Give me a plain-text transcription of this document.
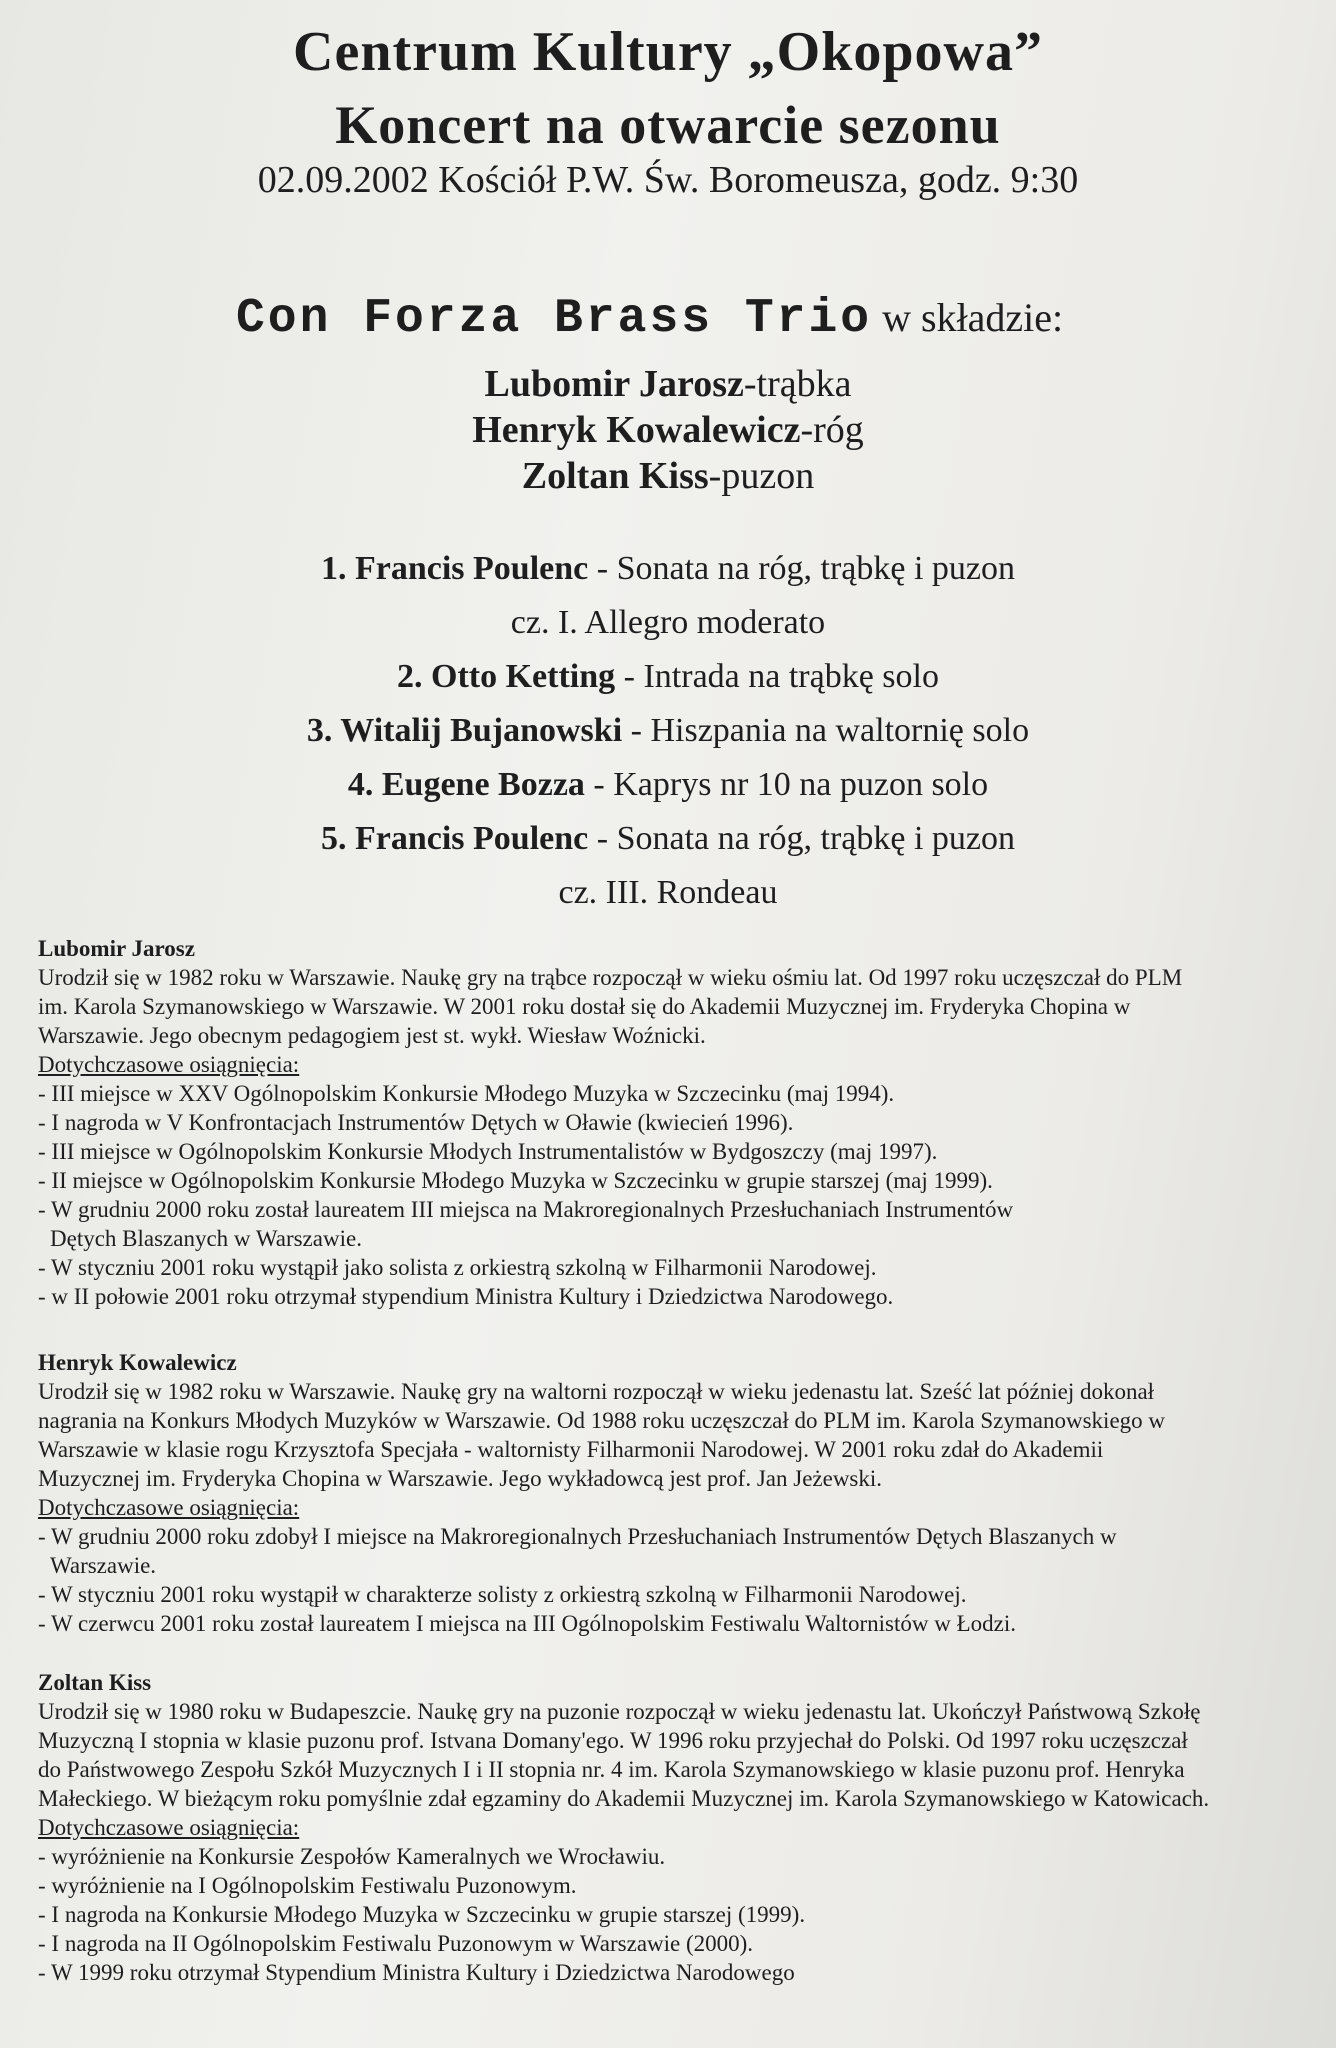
Centrum Kultury „Okopowa”
Koncert na otwarcie sezonu
02.09.2002 Kościół P.W. Św. Boromeusza, godz. 9:30
Con Forza Brass Trio w składzie:
Lubomir Jarosz-trąbka
Henryk Kowalewicz-róg
Zoltan Kiss-puzon
1. Francis Poulenc - Sonata na róg, trąbkę i puzon
cz. I. Allegro moderato
2. Otto Ketting - Intrada na trąbkę solo
3. Witalij Bujanowski - Hiszpania na waltornię solo
4. Eugene Bozza - Kaprys nr 10 na puzon solo
5. Francis Poulenc - Sonata na róg, trąbkę i puzon
cz. III. Rondeau
Lubomir Jarosz
Urodził się w 1982 roku w Warszawie. Naukę gry na trąbce rozpoczął w wieku ośmiu lat. Od 1997 roku uczęszczał do PLM
im. Karola Szymanowskiego w Warszawie. W 2001 roku dostał się do Akademii Muzycznej im. Fryderyka Chopina w
Warszawie. Jego obecnym pedagogiem jest st. wykł. Wiesław Woźnicki.
Dotychczasowe osiągnięcia:
- III miejsce w XXV Ogólnopolskim Konkursie Młodego Muzyka w Szczecinku (maj 1994).
- I nagroda w V Konfrontacjach Instrumentów Dętych w Oławie (kwiecień 1996).
- III miejsce w Ogólnopolskim Konkursie Młodych Instrumentalistów w Bydgoszczy (maj 1997).
- II miejsce w Ogólnopolskim Konkursie Młodego Muzyka w Szczecinku w grupie starszej (maj 1999).
- W grudniu 2000 roku został laureatem III miejsca na Makroregionalnych Przesłuchaniach Instrumentów
Dętych Blaszanych w Warszawie.
- W styczniu 2001 roku wystąpił jako solista z orkiestrą szkolną w Filharmonii Narodowej.
- w II połowie 2001 roku otrzymał stypendium Ministra Kultury i Dziedzictwa Narodowego.
Henryk Kowalewicz
Urodził się w 1982 roku w Warszawie. Naukę gry na waltorni rozpoczął w wieku jedenastu lat. Sześć lat później dokonał
nagrania na Konkurs Młodych Muzyków w Warszawie. Od 1988 roku uczęszczał do PLM im. Karola Szymanowskiego w
Warszawie w klasie rogu Krzysztofa Specjała - waltornisty Filharmonii Narodowej. W 2001 roku zdał do Akademii
Muzycznej im. Fryderyka Chopina w Warszawie. Jego wykładowcą jest prof. Jan Jeżewski.
Dotychczasowe osiągnięcia:
- W grudniu 2000 roku zdobył I miejsce na Makroregionalnych Przesłuchaniach Instrumentów Dętych Blaszanych w
Warszawie.
- W styczniu 2001 roku wystąpił w charakterze solisty z orkiestrą szkolną w Filharmonii Narodowej.
- W czerwcu 2001 roku został laureatem I miejsca na III Ogólnopolskim Festiwalu Waltornistów w Łodzi.
Zoltan Kiss
Urodził się w 1980 roku w Budapeszcie. Naukę gry na puzonie rozpoczął w wieku jedenastu lat. Ukończył Państwową Szkołę
Muzyczną I stopnia w klasie puzonu prof. Istvana Domany'ego. W 1996 roku przyjechał do Polski. Od 1997 roku uczęszczał
do Państwowego Zespołu Szkół Muzycznych I i II stopnia nr. 4 im. Karola Szymanowskiego w klasie puzonu prof. Henryka
Małeckiego. W bieżącym roku pomyślnie zdał egzaminy do Akademii Muzycznej im. Karola Szymanowskiego w Katowicach.
Dotychczasowe osiągnięcia:
- wyróżnienie na Konkursie Zespołów Kameralnych we Wrocławiu.
- wyróżnienie na I Ogólnopolskim Festiwalu Puzonowym.
- I nagroda na Konkursie Młodego Muzyka w Szczecinku w grupie starszej (1999).
- I nagroda na II Ogólnopolskim Festiwalu Puzonowym w Warszawie (2000).
- W 1999 roku otrzymał Stypendium Ministra Kultury i Dziedzictwa Narodowego
